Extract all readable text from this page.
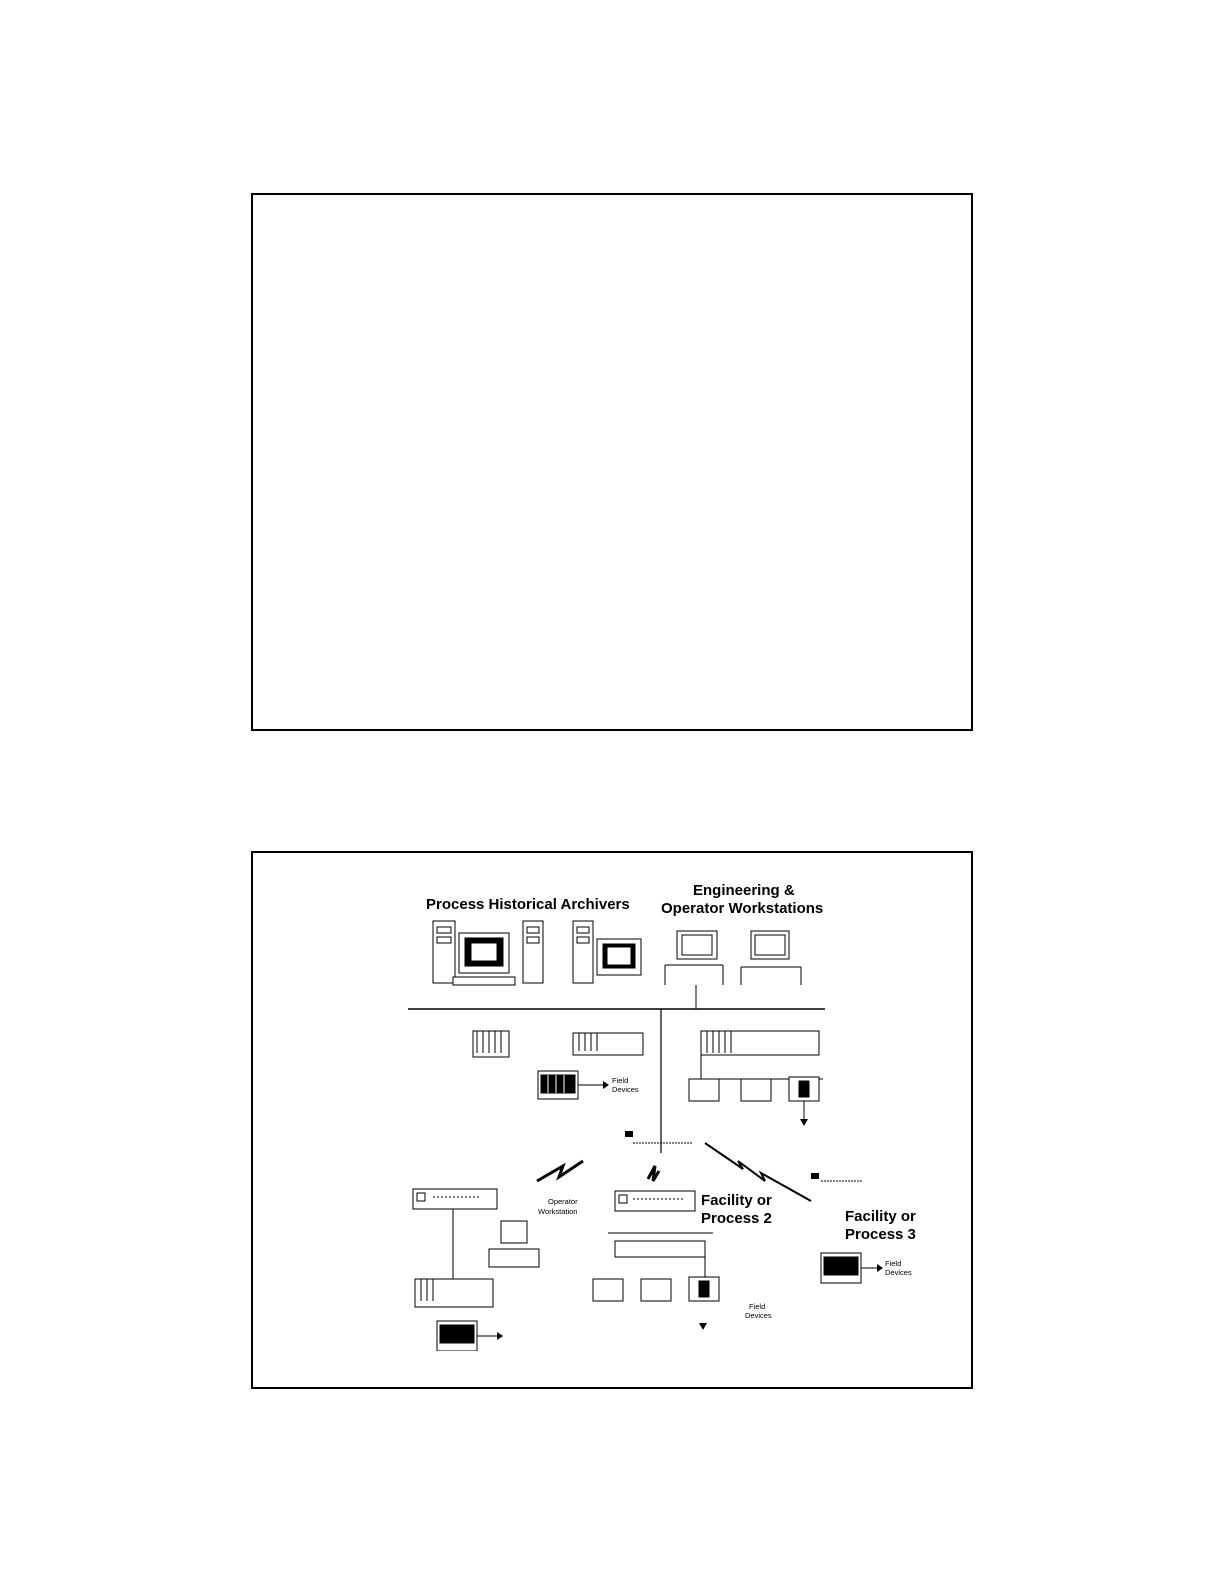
Process Historical Archivers
Engineering &
Operator Workstations
Field
Devices
Operator
Workstation
Facility or
Process 2
Field
Devices
Facility or
Process 3
Field
Devices
